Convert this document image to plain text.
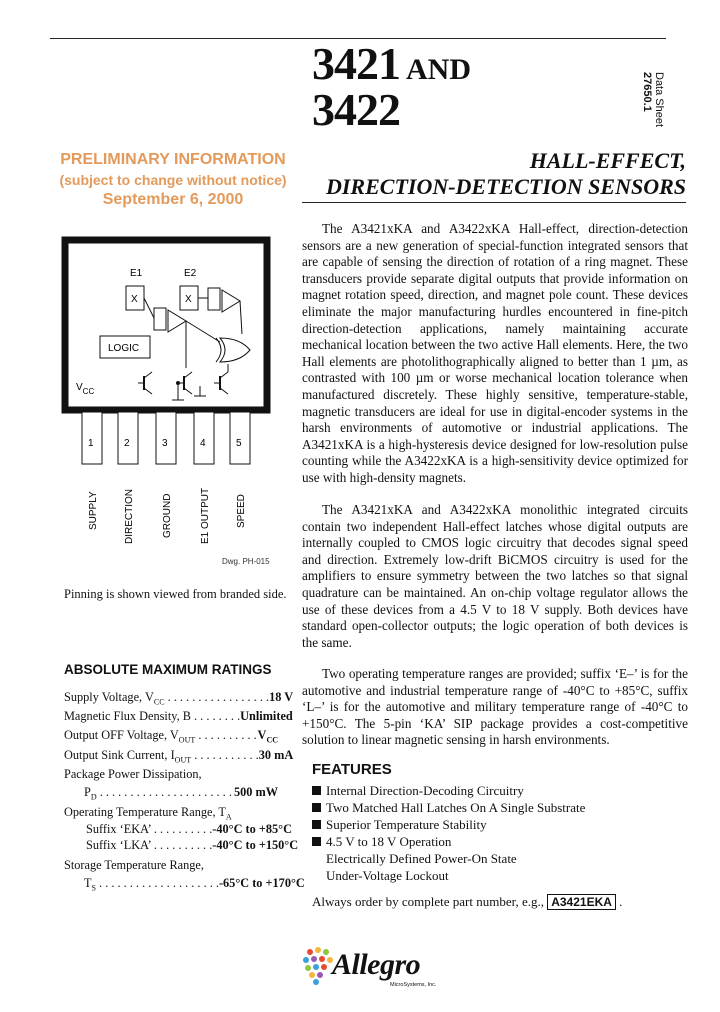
3421 AND
3422	Data Sheet
27650.1
PRELIMINARY INFORMATION
(subject to change without notice)
September 6, 2000
HALL-EFFECT,
DIRECTION-DETECTION SENSORS
E1	E2
X	X
LOGIC
$V_{CC}$
1	2	3	4	5
SUPPLY	DIRECTION	GROUND	E1 OUTPUT	SPEED
Dwg. PH-015
Pinning is shown viewed from branded side.

The A3421xKA and A3422xKA Hall-effect, direction-detection sensors are a new generation of special-function integrated sensors that are capable of sensing the direction of rotation of a ring magnet. These transducers provide separate digital outputs that provide information on magnet rotation speed, direction, and magnet pole count. These devices eliminate the major manufacturing hurdles encountered in fine-pitch direction-detection applications, namely maintaining accurate mechanical location between the two active Hall elements. Here, the two Hall elements are photolithographically aligned to better than 1 µm, as contrasted with 100 µm or worse mechanical location tolerance when manufactured discretely. These highly sensitive, temperature-stable, magnetic transducers are ideal for use in digital-encoder systems in the harsh environments of automotive or industrial applications. The A3421xKA is a high-hysteresis device designed for low-resolution pulse counting while the A3422xKA is a high-sensitivity device optimized for use with high-density magnets.

The A3421xKA and A3422xKA monolithic integrated circuits contain two independent Hall-effect latches whose digital outputs are internally coupled to CMOS logic circuitry that decodes signal speed and direction. Extremely low-drift BiCMOS circuitry is used for the amplifiers to ensure symmetry between the two latches so that signal quadrature can be maintained. An on-chip voltage regulator allows the use of these devices from a 4.5 V to 18 V supply. Both devices have standard open-collector outputs; the logic operation of both devices is the same.

Two operating temperature ranges are provided; suffix ‘E–’ is for the automotive and industrial temperature range of -40°C to +85°C, suffix ‘L–’ is for the automotive and military temperature range of -40°C to +150°C. The 5-pin ‘KA’ SIP package provides a cost-competitive solution to linear magnetic sensing in harsh environments.

ABSOLUTE MAXIMUM RATINGS
Supply Voltage, $V_{CC}$ . . . . . . . . . . . . . . . . . 18 V
Magnetic Flux Density, B . . . . . . . . Unlimited
Output OFF Voltage, $V_{OUT}$ . . . . . . . . . . $V_{CC}$
Output Sink Current, $I_{OUT}$ . . . . . . . . . . . 30 mA
Package Power Dissipation,
$P_D$ . . . . . . . . . . . . . . . . . . . . . . 500 mW
Operating Temperature Range, $T_A$
Suffix ‘EKA’ . . . . . . . . . . -40°C to +85°C
Suffix ‘LKA’ . . . . . . . . . . -40°C to +150°C
Storage Temperature Range,
$T_S$ . . . . . . . . . . . . . . . . . . . . -65°C to +170°C
FEATURES
Internal Direction-Decoding Circuitry
Two Matched Hall Latches On A Single Substrate
Superior Temperature Stability
4.5 V to 18 V Operation
Electrically Defined Power-On State
Under-Voltage Lockout
Always order by complete part number, e.g., A3421EKA .
Allegro
MicroSystems, Inc.
